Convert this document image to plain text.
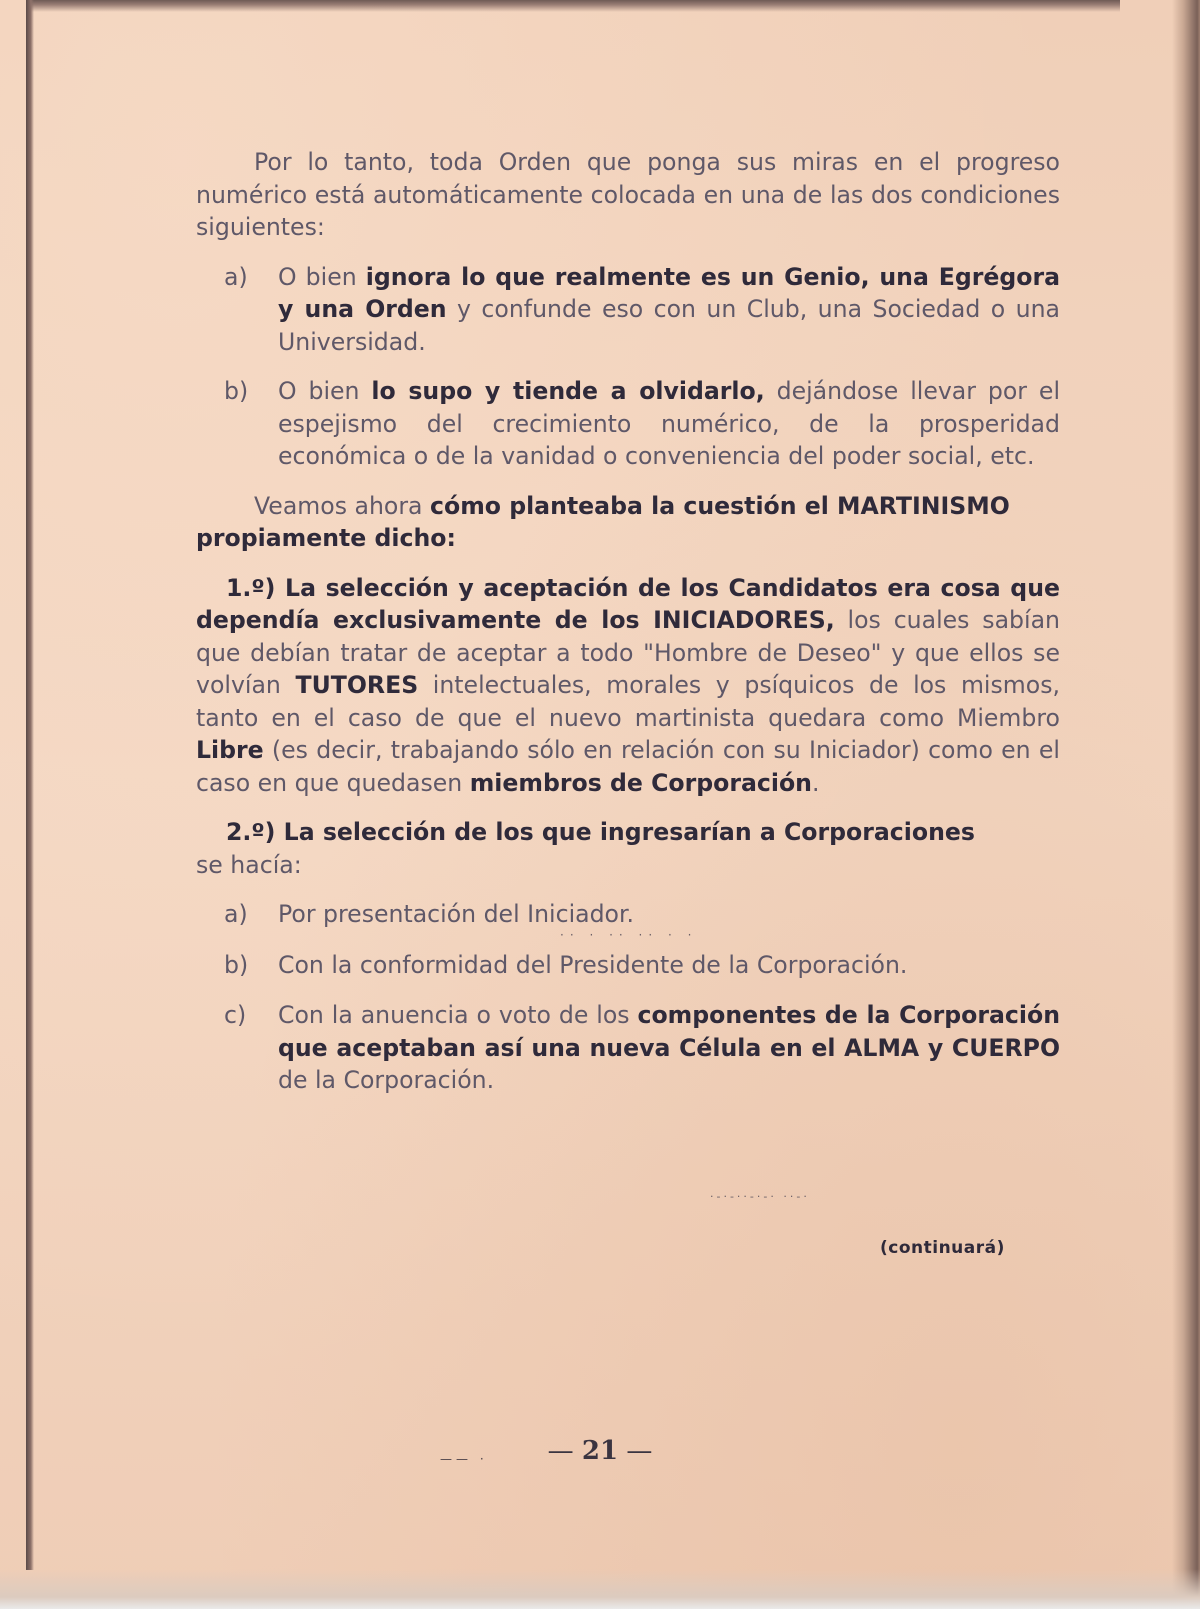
Por lo tanto, toda Orden que ponga sus miras en el progreso numérico está automáticamente colocada en una de las dos condiciones siguientes:

a) O bien ignora lo que realmente es un Genio, una Egrégora y una Orden y confunde eso con un Club, una Sociedad o una Universidad.

b) O bien lo supo y tiende a olvidarlo, dejándose llevar por el espejismo del crecimiento numérico, de la prosperidad económica o de la vanidad o conveniencia del poder social, etc.

Veamos ahora cómo planteaba la cuestión el MARTINISMO
propiamente dicho:

1.º) La selección y aceptación de los Candidatos era cosa que dependía exclusivamente de los INICIADORES, los cuales sabían que debían tratar de aceptar a todo "Hombre de Deseo" y que ellos se volvían TUTORES intelectuales, morales y psíquicos de los mismos, tanto en el caso de que el nuevo martinista quedara como Miembro Libre (es decir, trabajando sólo en relación con su Iniciador) como en el caso en que quedasen miembros de Corporación.

2.º) La selección de los que ingresarían a Corporaciones
se hacía:

a) Por presentación del Iniciador.

b) Con la conformidad del Presidente de la Corporación.

c) Con la anuencia o voto de los componentes de la Corporación que aceptaban así una nueva Célula en el ALMA y CUERPO de la Corporación.

·· · ·· ·· · ·
·-·-··-·-· ··-·
—— ·
(continuará)
— 21 —
